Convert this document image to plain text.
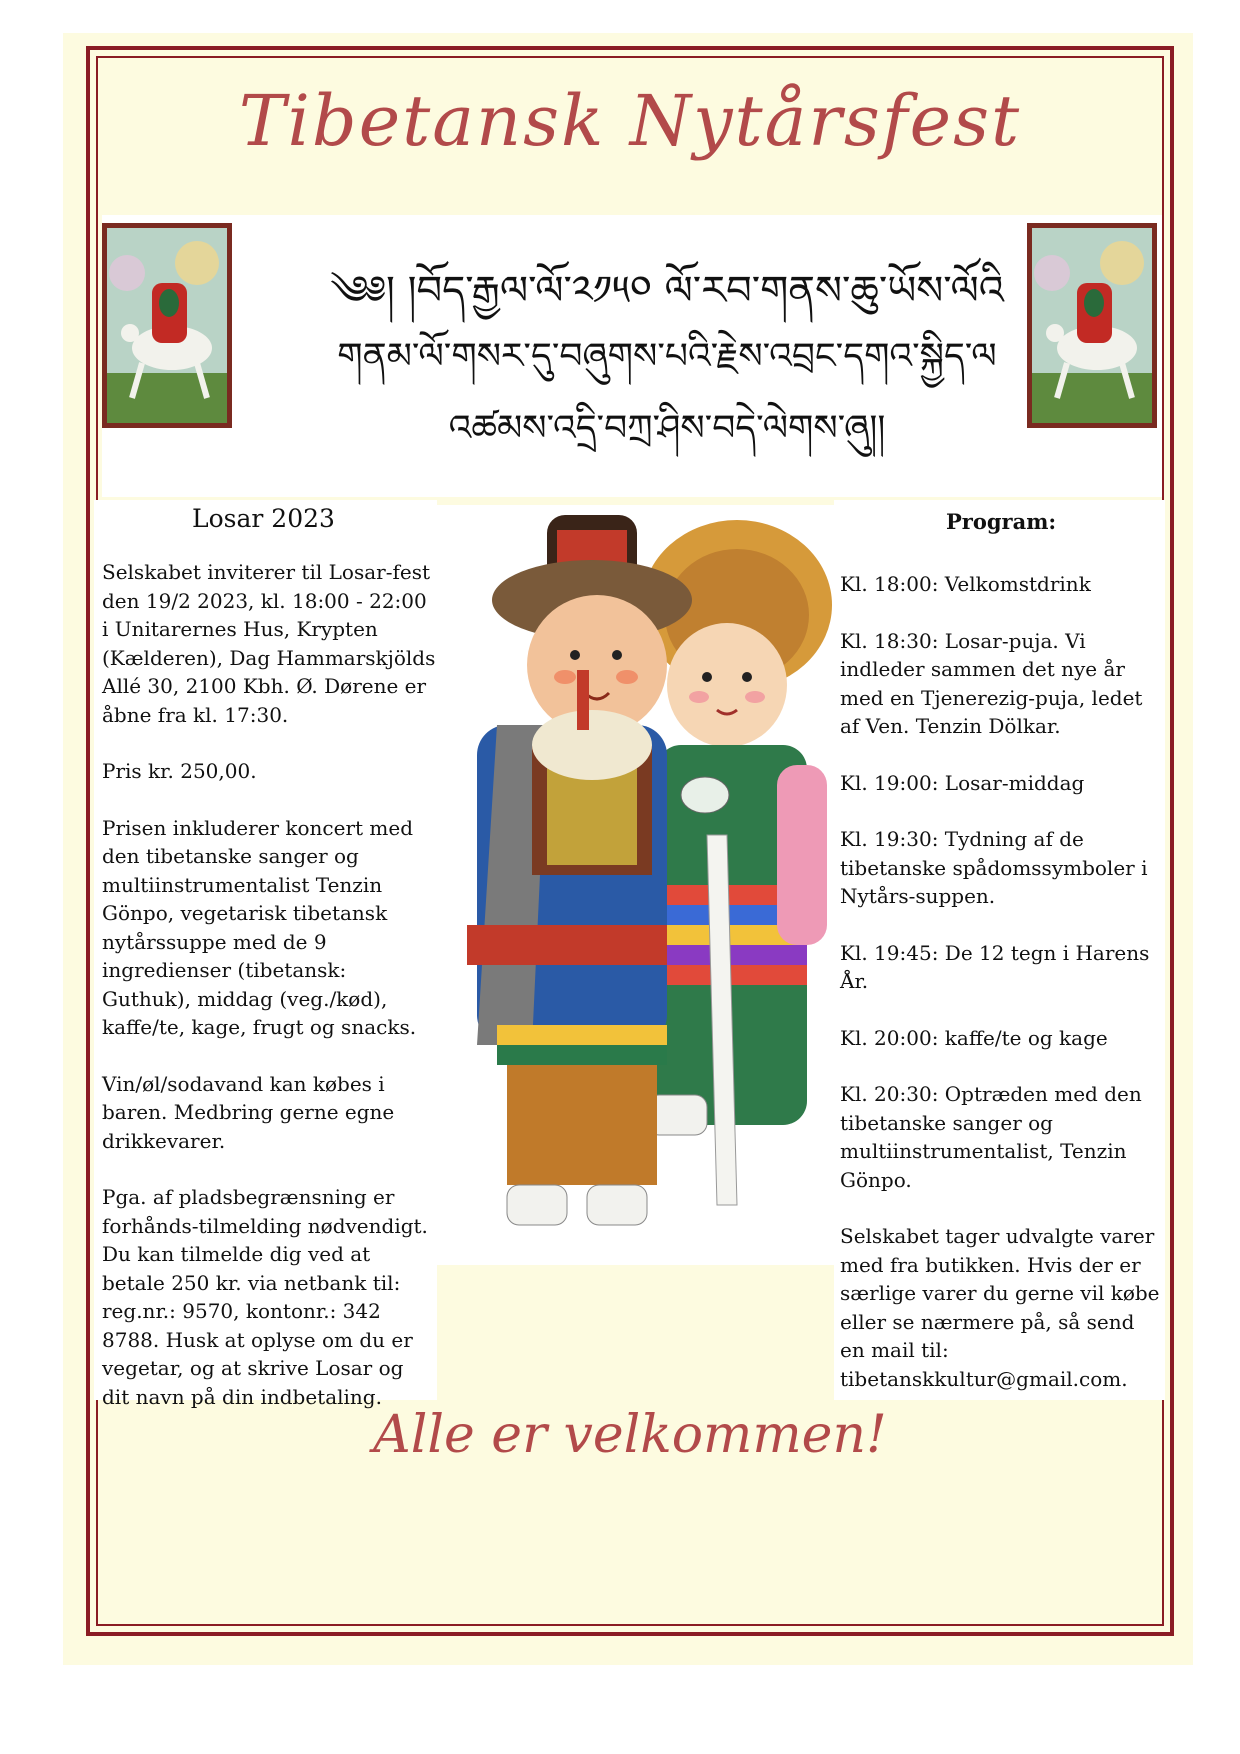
Tibetansk Nytårsfest
༄༅། །བོད་རྒྱལ་ལོ་༢༡༥༠ ལོ་རབ་གནས་ཆུ་ཡོས་ལོའི
གནམ་ལོ་གསར་དུ་བཞུགས་པའི་རྗེས་འབྲང་དགའ་སྐྱིད་ལ
འཚམས་འདྲི་བཀྲ་ཤིས་བདེ་ལེགས་ཞུ།།
Losar 2023

Selskabet inviterer til Losar-fest den 19/2 2023, kl. 18:00 - 22:00 i Unitarernes Hus, Krypten (Kælderen), Dag Hammarskjölds Allé 30, 2100 Kbh. Ø. Dørene er åbne fra kl. 17:30.

Pris kr. 250,00.

Prisen inkluderer koncert med den tibetanske sanger og multiinstrumentalist Tenzin Gönpo, vegetarisk tibetansk nytårssuppe med de 9 ingredienser (tibetansk: Guthuk), middag (veg./kød), kaffe/te, kage, frugt og snacks.

Vin/øl/sodavand kan købes i baren. Medbring gerne egne drikkevarer.

Pga. af pladsbegrænsning er forhånds-tilmelding nødvendigt. Du kan tilmelde dig ved at betale 250 kr. via netbank til: reg.nr.: 9570, kontonr.: 342 8788. Husk at oplyse om du er vegetar, og at skrive Losar og dit navn på din indbetaling.

Program:

Kl. 18:00: Velkomstdrink

Kl. 18:30: Losar-puja. Vi indleder sammen det nye år med en Tjenerezig-puja, ledet af Ven. Tenzin Dölkar.

Kl. 19:00: Losar-middag

Kl. 19:30: Tydning af de tibetanske spådomssymboler i Nytårs-suppen.

Kl. 19:45: De 12 tegn i Harens År.

Kl. 20:00: kaffe/te og kage

Kl. 20:30: Optræden med den tibetanske sanger og multiinstrumentalist, Tenzin Gönpo.

Selskabet tager udvalgte varer med fra butikken. Hvis der er særlige varer du gerne vil købe eller se nærmere på, så send en mail til: tibetanskkultur@gmail.com.

Alle er velkommen!
